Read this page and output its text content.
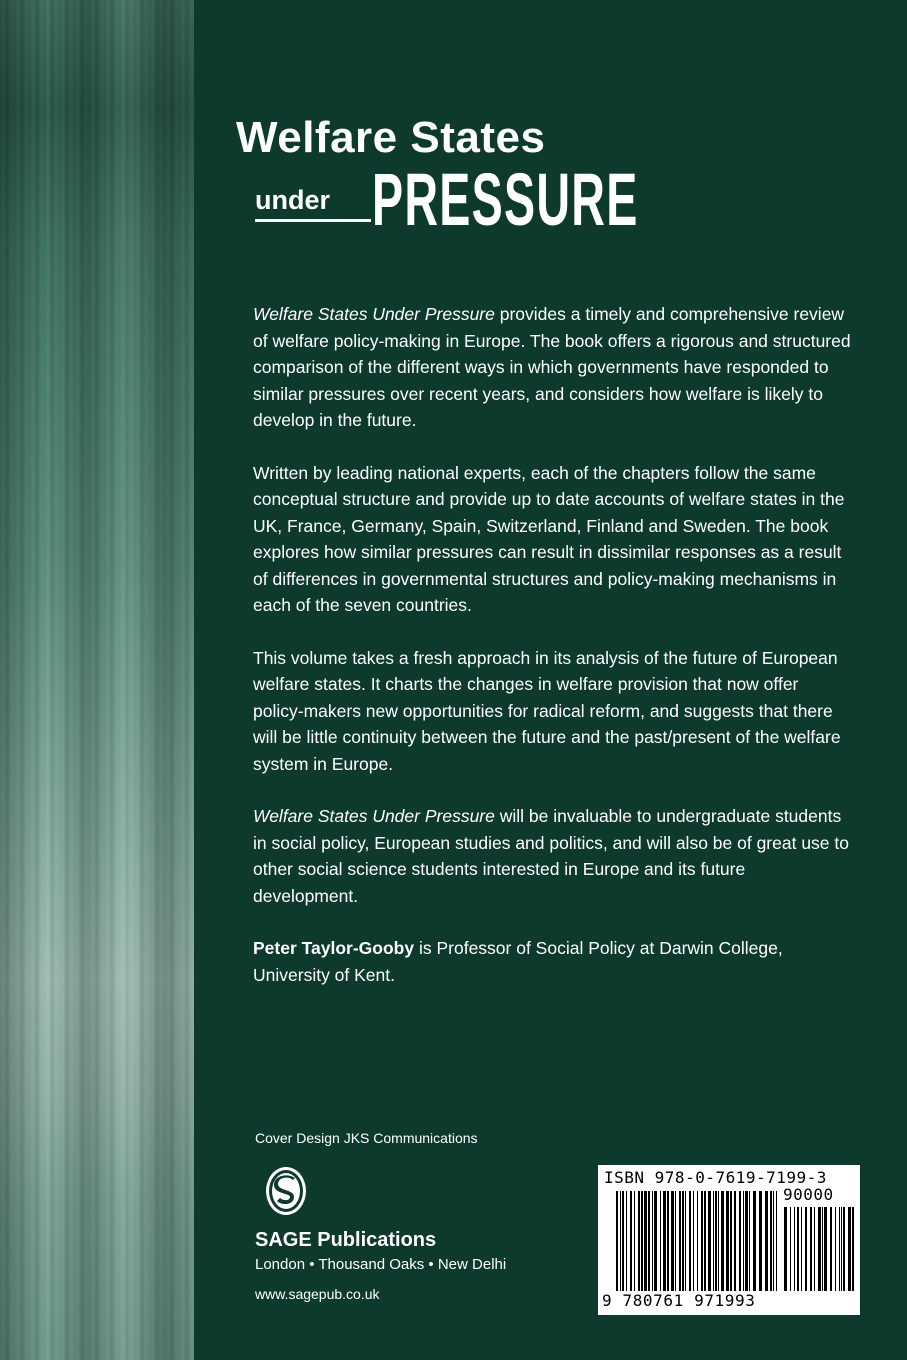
Welfare States
under PRESSURE

Welfare States Under Pressure provides a timely and comprehensive review of welfare policy-making in Europe. The book offers a rigorous and structured comparison of the different ways in which governments have responded to similar pressures over recent years, and considers how welfare is likely to develop in the future.

Written by leading national experts, each of the chapters follow the same conceptual structure and provide up to date accounts of welfare states in the UK, France, Germany, Spain, Switzerland, Finland and Sweden. The book explores how similar pressures can result in dissimilar responses as a result of differences in governmental structures and policy-making mechanisms in each of the seven countries.

This volume takes a fresh approach in its analysis of the future of European welfare states. It charts the changes in welfare provision that now offer policy-makers new opportunities for radical reform, and suggests that there will be little continuity between the future and the past/present of the welfare system in Europe.

Welfare States Under Pressure will be invaluable to undergraduate students in social policy, European studies and politics, and will also be of great use to other social science students interested in Europe and its future development.

Peter Taylor-Gooby is Professor of Social Policy at Darwin College, University of Kent.

Cover Design JKS Communications
SAGE Publications
London • Thousand Oaks • New Delhi
www.sagepub.co.uk
ISBN 978-0-7619-7199-3
90000
9 780761 971993
